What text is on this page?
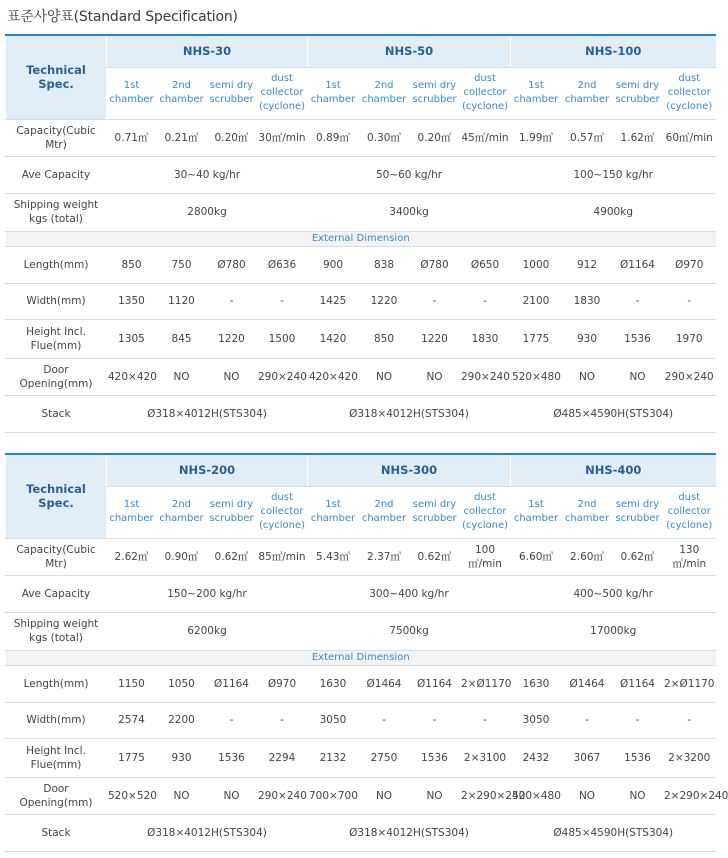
표준사양표(Standard Specification)
Technical Spec.	NHS-30				NHS-50				NHS-100			
	1st chamber	2nd chamber	semi dry scrubber	dust collector (cyclone)	1st chamber	2nd chamber	semi dry scrubber	dust collector (cyclone)	1st chamber	2nd chamber	semi dry scrubber	dust collector (cyclone)
Capacity(Cubic Mtr)	0.71㎥	0.21㎥	0.20㎥	30㎥/min	0.89㎥	0.30㎥	0.20㎥	45㎥/min	1.99㎥	0.57㎥	1.62㎥	60㎥/min
Ave Capacity	30~40 kg/hr				50~60 kg/hr				100~150 kg/hr			
Shipping weight kgs (total)	2800kg				3400kg				4900kg			
External Dimension												
Length(mm)	850	750	Ø780	Ø636	900	838	Ø780	Ø650	1000	912	Ø1164	Ø970
Width(mm)	1350	1120	-	-	1425	1220	-	-	2100	1830	-	-
Height Incl. Flue(mm)	1305	845	1220	1500	1420	850	1220	1830	1775	930	1536	1970
Door Opening(mm)	420×420	NO	NO	290×240	420×420	NO	NO	290×240	520×480	NO	NO	290×240
Stack	Ø318×4012H(STS304)				Ø318×4012H(STS304)				Ø485×4590H(STS304)			
Technical Spec.	NHS-200				NHS-300				NHS-400			
	1st chamber	2nd chamber	semi dry scrubber	dust collector (cyclone)	1st chamber	2nd chamber	semi dry scrubber	dust collector (cyclone)	1st chamber	2nd chamber	semi dry scrubber	dust collector (cyclone)
Capacity(Cubic Mtr)	2.62㎥	0.90㎥	0.62㎥	85㎥/min	5.43㎥	2.37㎥	0.62㎥	100㎥/min	6.60㎥	2.60㎥	0.62㎥	130㎥/min
Ave Capacity	150~200 kg/hr				300~400 kg/hr				400~500 kg/hr			
Shipping weight kgs (total)	6200kg				7500kg				17000kg			
External Dimension												
Length(mm)	1150	1050	Ø1164	Ø970	1630	Ø1464	Ø1164	2×Ø1170	1630	Ø1464	Ø1164	2×Ø1170
Width(mm)	2574	2200	-	-	3050	-	-	-	3050	-	-	-
Height Incl. Flue(mm)	1775	930	1536	2294	2132	2750	1536	2×3100	2432	3067	1536	2×3200
Door Opening(mm)	520×520	NO	NO	290×240	700×700	NO	NO	2×290×240	520×480	NO	NO	2×290×240
Stack	Ø318×4012H(STS304)				Ø318×4012H(STS304)				Ø485×4590H(STS304)			
